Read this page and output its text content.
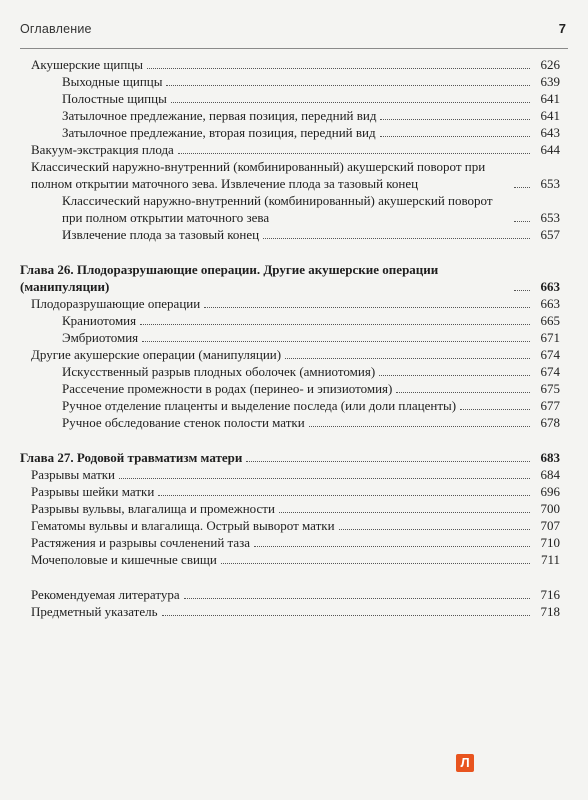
Оглавление	7
Акушерские щипцы	626
Выходные щипцы	639
Полостные щипцы	641
Затылочное предлежание, первая позиция, передний вид	641
Затылочное предлежание, вторая позиция, передний вид	643
Вакуум-экстракция плода	644
Классический наружно-внутренний (комбинированный) акушерский поворот при полном открытии маточного зева. Извлечение плода за тазовый конец	653
Классический наружно-внутренний (комбинированный) акушерский поворот при полном открытии маточного зева	653
Извлечение плода за тазовый конец	657
Глава 26. Плодоразрушающие операции. Другие акушерские операции (манипуляции)	663
Плодоразрушающие операции	663
Краниотомия	665
Эмбриотомия	671
Другие акушерские операции (манипуляции)	674
Искусственный разрыв плодных оболочек (амниотомия)	674
Рассечение промежности в родах (перинео- и эпизиотомия)	675
Ручное отделение плаценты и выделение последа (или доли плаценты)	677
Ручное обследование стенок полости матки	678
Глава 27. Родовой травматизм матери	683
Разрывы матки	684
Разрывы шейки матки	696
Разрывы вульвы, влагалища и промежности	700
Гематомы вульвы и влагалища. Острый выворот матки	707
Растяжения и разрывы сочленений таза	710
Мочеполовые и кишечные свищи	711
Рекомендуемая литература	716
Предметный указатель	718
Л
